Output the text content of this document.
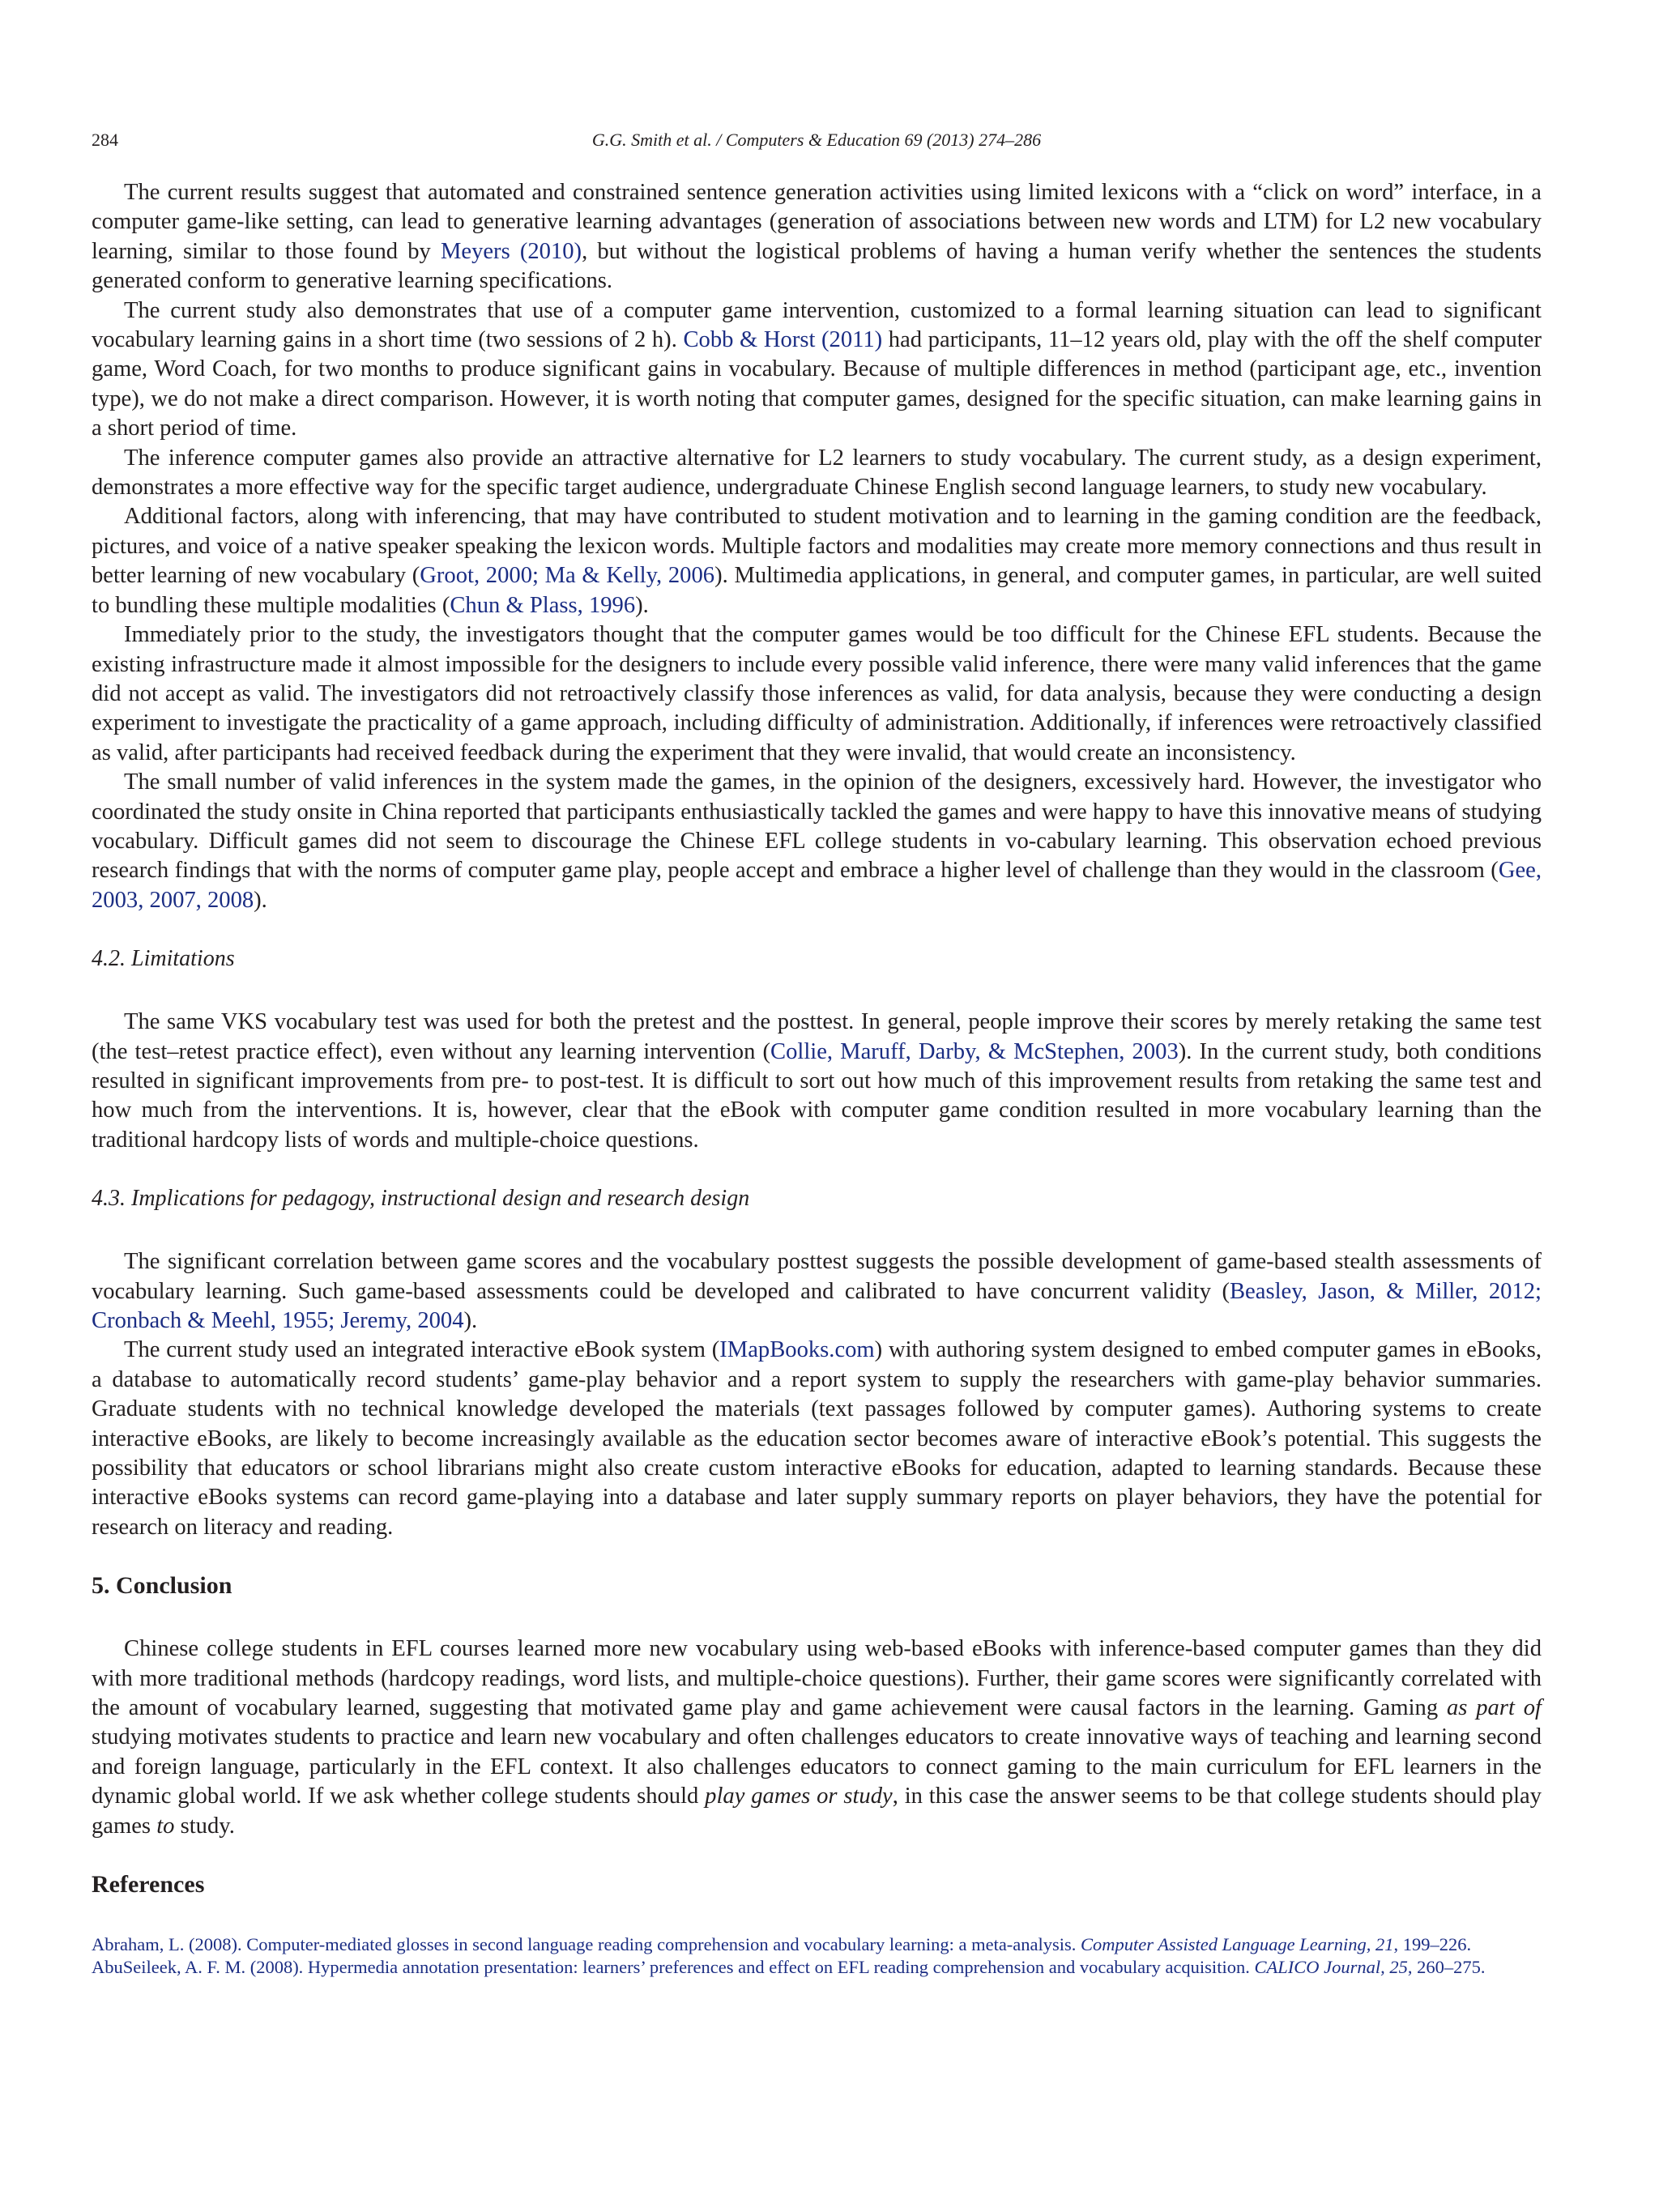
284	G.G. Smith et al. / Computers & Education 69 (2013) 274–286

The current results suggest that automated and constrained sentence generation activities using limited lexicons with a “click on word” interface, in a computer game-like setting, can lead to generative learning advantages (generation of associations between new words and LTM) for L2 new vocabulary learning, similar to those found by Meyers (2010), but without the logistical problems of having a human verify whether the sentences the students generated conform to generative learning specifications.

The current study also demonstrates that use of a computer game intervention, customized to a formal learning situation can lead to significant vocabulary learning gains in a short time (two sessions of 2 h). Cobb & Horst (2011) had participants, 11–12 years old, play with the off the shelf computer game, Word Coach, for two months to produce significant gains in vocabulary. Because of multiple differences in method (participant age, etc., invention type), we do not make a direct comparison. However, it is worth noting that computer games, designed for the specific situation, can make learning gains in a short period of time.

The inference computer games also provide an attractive alternative for L2 learners to study vocabulary. The current study, as a design experiment, demonstrates a more effective way for the specific target audience, undergraduate Chinese English second language learners, to study new vocabulary.

Additional factors, along with inferencing, that may have contributed to student motivation and to learning in the gaming condition are the feedback, pictures, and voice of a native speaker speaking the lexicon words. Multiple factors and modalities may create more memory connections and thus result in better learning of new vocabulary (Groot, 2000; Ma & Kelly, 2006). Multimedia applications, in general, and computer games, in particular, are well suited to bundling these multiple modalities (Chun & Plass, 1996).

Immediately prior to the study, the investigators thought that the computer games would be too difficult for the Chinese EFL students. Because the existing infrastructure made it almost impossible for the designers to include every possible valid inference, there were many valid inferences that the game did not accept as valid. The investigators did not retroactively classify those inferences as valid, for data analysis, because they were conducting a design experiment to investigate the practicality of a game approach, including difficulty of administration. Additionally, if inferences were retroactively classified as valid, after participants had received feedback during the experiment that they were invalid, that would create an inconsistency.

The small number of valid inferences in the system made the games, in the opinion of the designers, excessively hard. However, the investigator who coordinated the study onsite in China reported that participants enthusiastically tackled the games and were happy to have this innovative means of studying vocabulary. Difficult games did not seem to discourage the Chinese EFL college students in vo-cabulary learning. This observation echoed previous research findings that with the norms of computer game play, people accept and embrace a higher level of challenge than they would in the classroom (Gee, 2003, 2007, 2008).

4.2. Limitations

The same VKS vocabulary test was used for both the pretest and the posttest. In general, people improve their scores by merely retaking the same test (the test–retest practice effect), even without any learning intervention (Collie, Maruff, Darby, & McStephen, 2003). In the current study, both conditions resulted in significant improvements from pre- to post-test. It is difficult to sort out how much of this improvement results from retaking the same test and how much from the interventions. It is, however, clear that the eBook with computer game condition resulted in more vocabulary learning than the traditional hardcopy lists of words and multiple-choice questions.

4.3. Implications for pedagogy, instructional design and research design

The significant correlation between game scores and the vocabulary posttest suggests the possible development of game-based stealth assessments of vocabulary learning. Such game-based assessments could be developed and calibrated to have concurrent validity (Beasley, Jason, & Miller, 2012; Cronbach & Meehl, 1955; Jeremy, 2004).

The current study used an integrated interactive eBook system (IMapBooks.com) with authoring system designed to embed computer games in eBooks, a database to automatically record students’ game-play behavior and a report system to supply the researchers with game-play behavior summaries. Graduate students with no technical knowledge developed the materials (text passages followed by computer games). Authoring systems to create interactive eBooks, are likely to become increasingly available as the education sector becomes aware of interactive eBook’s potential. This suggests the possibility that educators or school librarians might also create custom interactive eBooks for education, adapted to learning standards. Because these interactive eBooks systems can record game-playing into a database and later supply summary reports on player behaviors, they have the potential for research on literacy and reading.

5. Conclusion

Chinese college students in EFL courses learned more new vocabulary using web-based eBooks with inference-based computer games than they did with more traditional methods (hardcopy readings, word lists, and multiple-choice questions). Further, their game scores were significantly correlated with the amount of vocabulary learned, suggesting that motivated game play and game achievement were causal factors in the learning. Gaming as part of studying motivates students to practice and learn new vocabulary and often challenges educators to create innovative ways of teaching and learning second and foreign language, particularly in the EFL context. It also challenges educators to connect gaming to the main curriculum for EFL learners in the dynamic global world. If we ask whether college students should play games or study, in this case the answer seems to be that college students should play games to study.

References

Abraham, L. (2008). Computer-mediated glosses in second language reading comprehension and vocabulary learning: a meta-analysis. Computer Assisted Language Learning, 21, 199–226.

AbuSeileek, A. F. M. (2008). Hypermedia annotation presentation: learners’ preferences and effect on EFL reading comprehension and vocabulary acquisition. CALICO Journal, 25, 260–275.
